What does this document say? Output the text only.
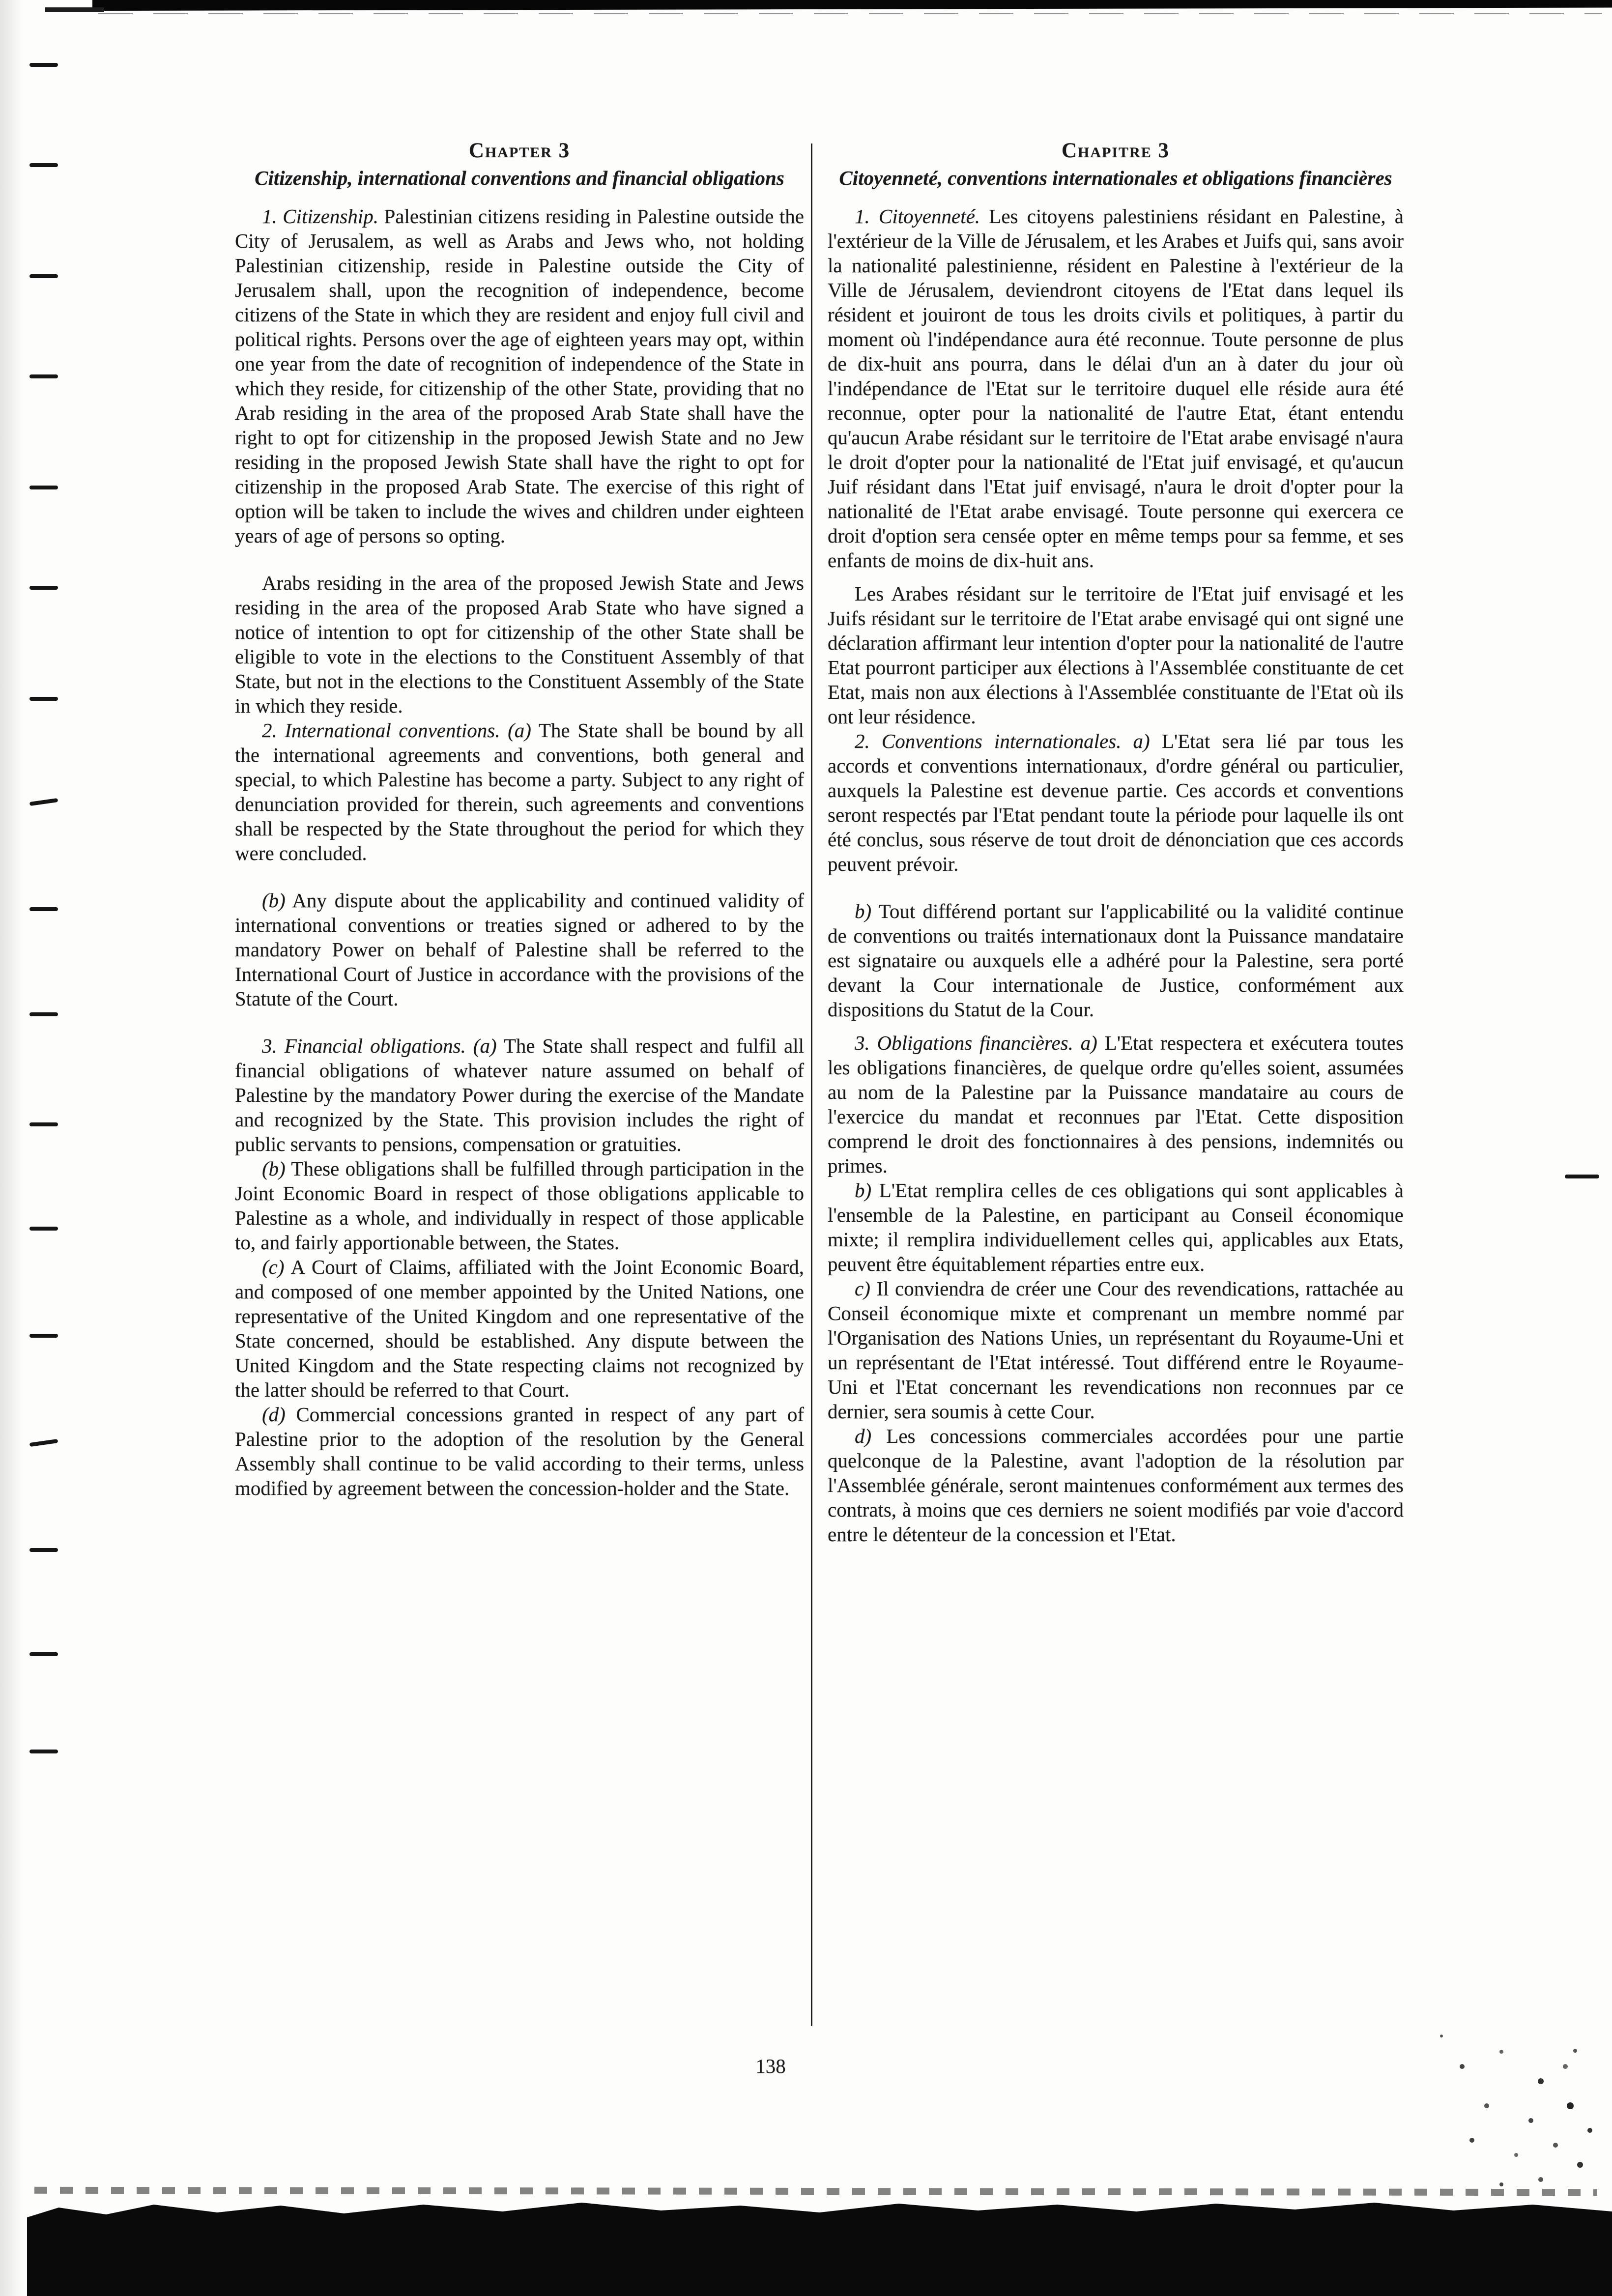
Chapter 3
Citizenship, international conventions and financial obligations

1. Citizenship. Palestinian citizens residing in Palestine outside the City of Jerusalem, as well as Arabs and Jews who, not holding Palestinian citizenship, reside in Palestine outside the City of Jerusalem shall, upon the recognition of independence, become citizens of the State in which they are resident and enjoy full civil and political rights. Persons over the age of eighteen years may opt, within one year from the date of recognition of independence of the State in which they reside, for citizenship of the other State, providing that no Arab residing in the area of the proposed Arab State shall have the right to opt for citizenship in the proposed Jewish State and no Jew residing in the proposed Jewish State shall have the right to opt for citizenship in the proposed Arab State. The exercise of this right of option will be taken to include the wives and children under eighteen years of age of persons so opting.

Arabs residing in the area of the proposed Jewish State and Jews residing in the area of the proposed Arab State who have signed a notice of intention to opt for citizenship of the other State shall be eligible to vote in the elections to the Constituent Assembly of that State, but not in the elections to the Constituent Assembly of the State in which they reside.

2. International conventions. (a) The State shall be bound by all the international agreements and conventions, both general and special, to which Palestine has become a party. Subject to any right of denunciation provided for therein, such agreements and conventions shall be respected by the State throughout the period for which they were concluded.

(b) Any dispute about the applicability and continued validity of international conventions or treaties signed or adhered to by the mandatory Power on behalf of Palestine shall be referred to the International Court of Justice in accordance with the provisions of the Statute of the Court.

3. Financial obligations. (a) The State shall respect and fulfil all financial obligations of whatever nature assumed on behalf of Palestine by the mandatory Power during the exercise of the Mandate and recognized by the State. This provision includes the right of public servants to pensions, compensation or gratuities.

(b) These obligations shall be fulfilled through participation in the Joint Economic Board in respect of those obligations applicable to Palestine as a whole, and individually in respect of those applicable to, and fairly apportionable between, the States.

(c) A Court of Claims, affiliated with the Joint Economic Board, and composed of one member appointed by the United Nations, one representative of the United Kingdom and one representative of the State concerned, should be established. Any dispute between the United Kingdom and the State respecting claims not recognized by the latter should be referred to that Court.

(d) Commercial concessions granted in respect of any part of Palestine prior to the adoption of the resolution by the General Assembly shall continue to be valid according to their terms, unless modified by agreement between the concession-holder and the State.

Chapitre 3
Citoyenneté, conventions internationales et obligations financières

1. Citoyenneté. Les citoyens palestiniens résidant en Palestine, à l'extérieur de la Ville de Jérusalem, et les Arabes et Juifs qui, sans avoir la nationalité palestinienne, résident en Palestine à l'extérieur de la Ville de Jérusalem, deviendront citoyens de l'Etat dans lequel ils résident et jouiront de tous les droits civils et politiques, à partir du moment où l'indépendance aura été reconnue. Toute personne de plus de dix-huit ans pourra, dans le délai d'un an à dater du jour où l'indépendance de l'Etat sur le territoire duquel elle réside aura été reconnue, opter pour la nationalité de l'autre Etat, étant entendu qu'aucun Arabe résidant sur le territoire de l'Etat arabe envisagé n'aura le droit d'opter pour la nationalité de l'Etat juif envisagé, et qu'aucun Juif résidant dans l'Etat juif envisagé, n'aura le droit d'opter pour la nationalité de l'Etat arabe envisagé. Toute personne qui exercera ce droit d'option sera censée opter en même temps pour sa femme, et ses enfants de moins de dix-huit ans.

Les Arabes résidant sur le territoire de l'Etat juif envisagé et les Juifs résidant sur le territoire de l'Etat arabe envisagé qui ont signé une déclaration affirmant leur intention d'opter pour la nationalité de l'autre Etat pourront participer aux élections à l'Assemblée constituante de cet Etat, mais non aux élections à l'Assemblée constituante de l'Etat où ils ont leur résidence.

2. Conventions internationales. a) L'Etat sera lié par tous les accords et conventions internationaux, d'ordre général ou particulier, auxquels la Palestine est devenue partie. Ces accords et conventions seront respectés par l'Etat pendant toute la période pour laquelle ils ont été conclus, sous réserve de tout droit de dénonciation que ces accords peuvent prévoir.

b) Tout différend portant sur l'applicabilité ou la validité continue de conventions ou traités internationaux dont la Puissance mandataire est signataire ou auxquels elle a adhéré pour la Palestine, sera porté devant la Cour internationale de Justice, conformément aux dispositions du Statut de la Cour.

3. Obligations financières. a) L'Etat respectera et exécutera toutes les obligations financières, de quelque ordre qu'elles soient, assumées au nom de la Palestine par la Puissance mandataire au cours de l'exercice du mandat et reconnues par l'Etat. Cette disposition comprend le droit des fonctionnaires à des pensions, indemnités ou primes.

b) L'Etat remplira celles de ces obligations qui sont applicables à l'ensemble de la Palestine, en participant au Conseil économique mixte; il remplira individuellement celles qui, applicables aux Etats, peuvent être équitablement réparties entre eux.

c) Il conviendra de créer une Cour des revendications, rattachée au Conseil économique mixte et comprenant un membre nommé par l'Organisation des Nations Unies, un représentant du Royaume-Uni et un représentant de l'Etat intéressé. Tout différend entre le Royaume-Uni et l'Etat concernant les revendications non reconnues par ce dernier, sera soumis à cette Cour.

d) Les concessions commerciales accordées pour une partie quelconque de la Palestine, avant l'adoption de la résolution par l'Assemblée générale, seront maintenues conformément aux termes des contrats, à moins que ces derniers ne soient modifiés par voie d'accord entre le détenteur de la concession et l'Etat.

138
